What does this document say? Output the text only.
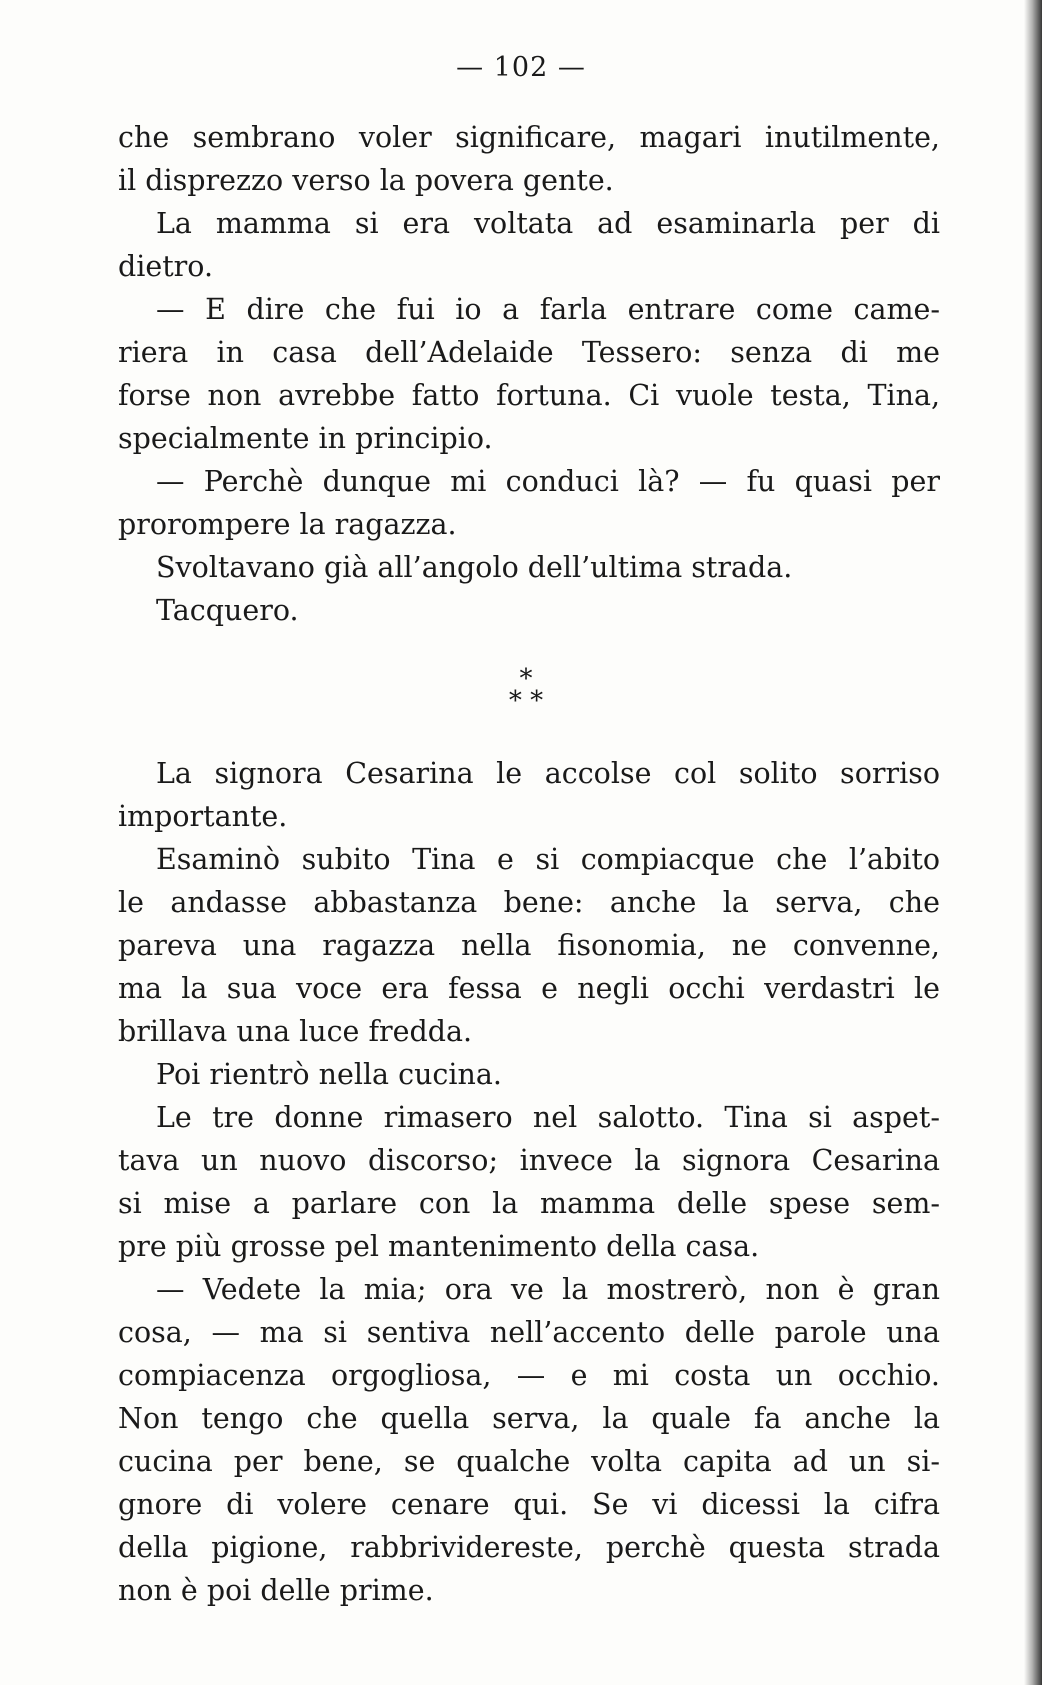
— 102 —
che sembrano voler significare, magari inutilmente,
il disprezzo verso la povera gente.
La mamma si era voltata ad esaminarla per di
dietro.
— E dire che fui io a farla entrare come came-
riera in casa dell’Adelaide Tessero: senza di me
forse non avrebbe fatto fortuna. Ci vuole testa, Tina,
specialmente in principio.
— Perchè dunque mi conduci là? — fu quasi per
prorompere la ragazza.
Svoltavano già all’angolo dell’ultima strada.
Tacquero.
*
* *
La signora Cesarina le accolse col solito sorriso
importante.
Esaminò subito Tina e si compiacque che l’abito
le andasse abbastanza bene: anche la serva, che
pareva una ragazza nella fisonomia, ne convenne,
ma la sua voce era fessa e negli occhi verdastri le
brillava una luce fredda.
Poi rientrò nella cucina.
Le tre donne rimasero nel salotto. Tina si aspet-
tava un nuovo discorso; invece la signora Cesarina
si mise a parlare con la mamma delle spese sem-
pre più grosse pel mantenimento della casa.
— Vedete la mia; ora ve la mostrerò, non è gran
cosa, — ma si sentiva nell’accento delle parole una
compiacenza orgogliosa, — e mi costa un occhio.
Non tengo che quella serva, la quale fa anche la
cucina per bene, se qualche volta capita ad un si-
gnore di volere cenare qui. Se vi dicessi la cifra
della pigione, rabbrividereste, perchè questa strada
non è poi delle prime.
